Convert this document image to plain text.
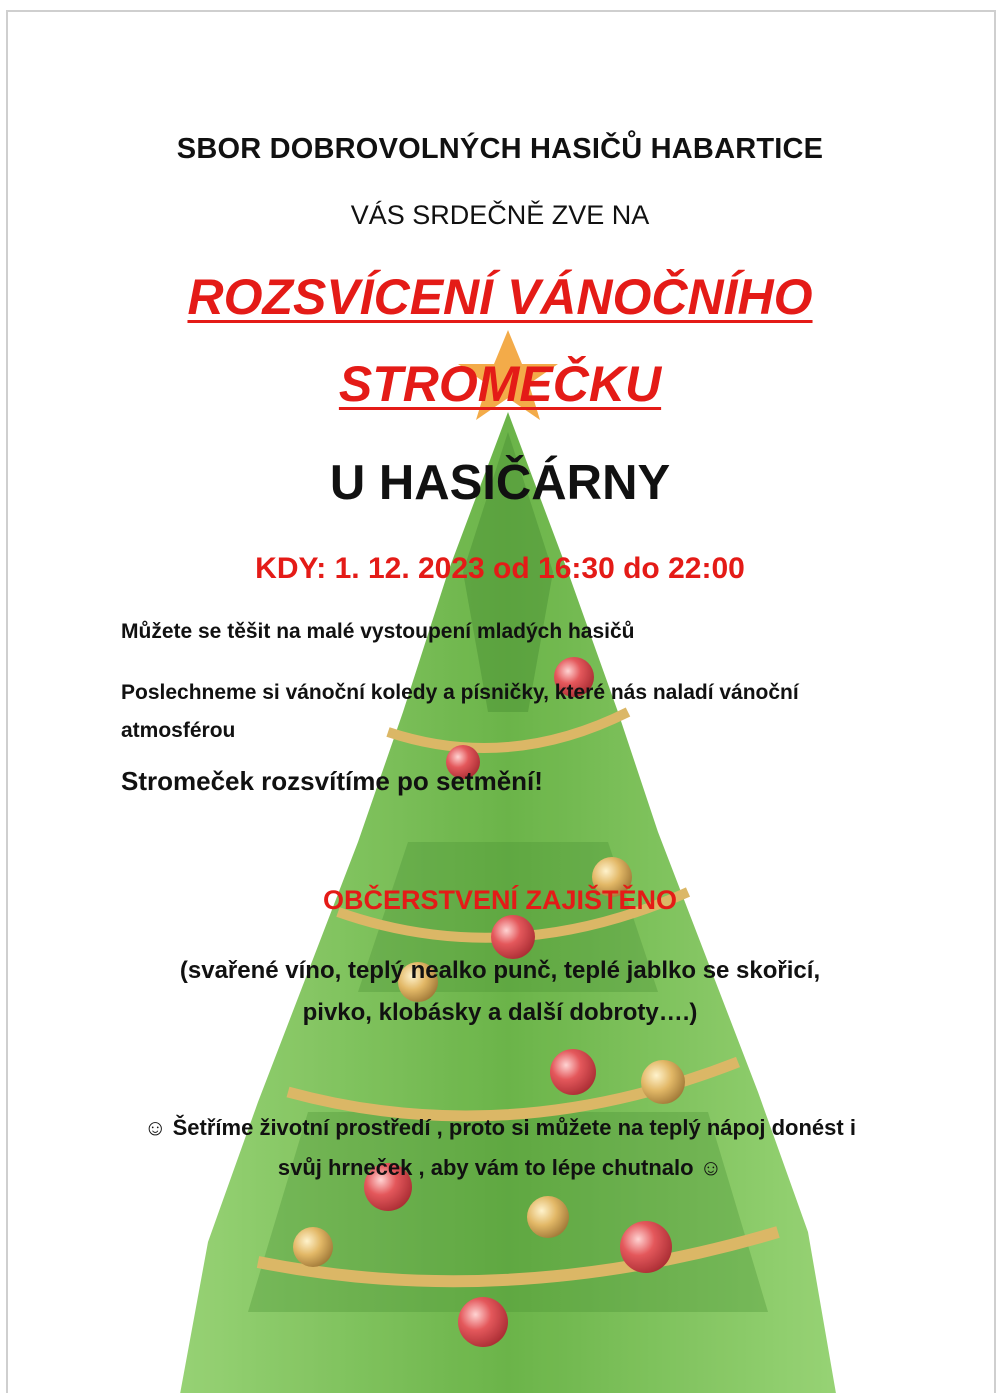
SBOR DOBROVOLNÝCH HASIČŮ HABARTICE

VÁS SRDEČNĚ ZVE NA

ROZSVÍCENÍ VÁNOČNÍHO

STROMEČKU

U HASIČÁRNY

KDY: 1. 12. 2023 od 16:30 do 22:00

Můžete se těšit na malé vystoupení mladých hasičů

Poslechneme si vánoční koledy a písničky, které nás naladí vánoční atmosférou

Stromeček rozsvítíme po setmění!

OBČERSTVENÍ ZAJIŠTĚNO

(svařené víno, teplý nealko punč, teplé jablko se skořicí,
pivko, klobásky a další dobroty….)
☺ Šetříme životní prostředí , proto si můžete na teplý nápoj donést i
svůj hrneček , aby vám to lépe chutnalo ☺
